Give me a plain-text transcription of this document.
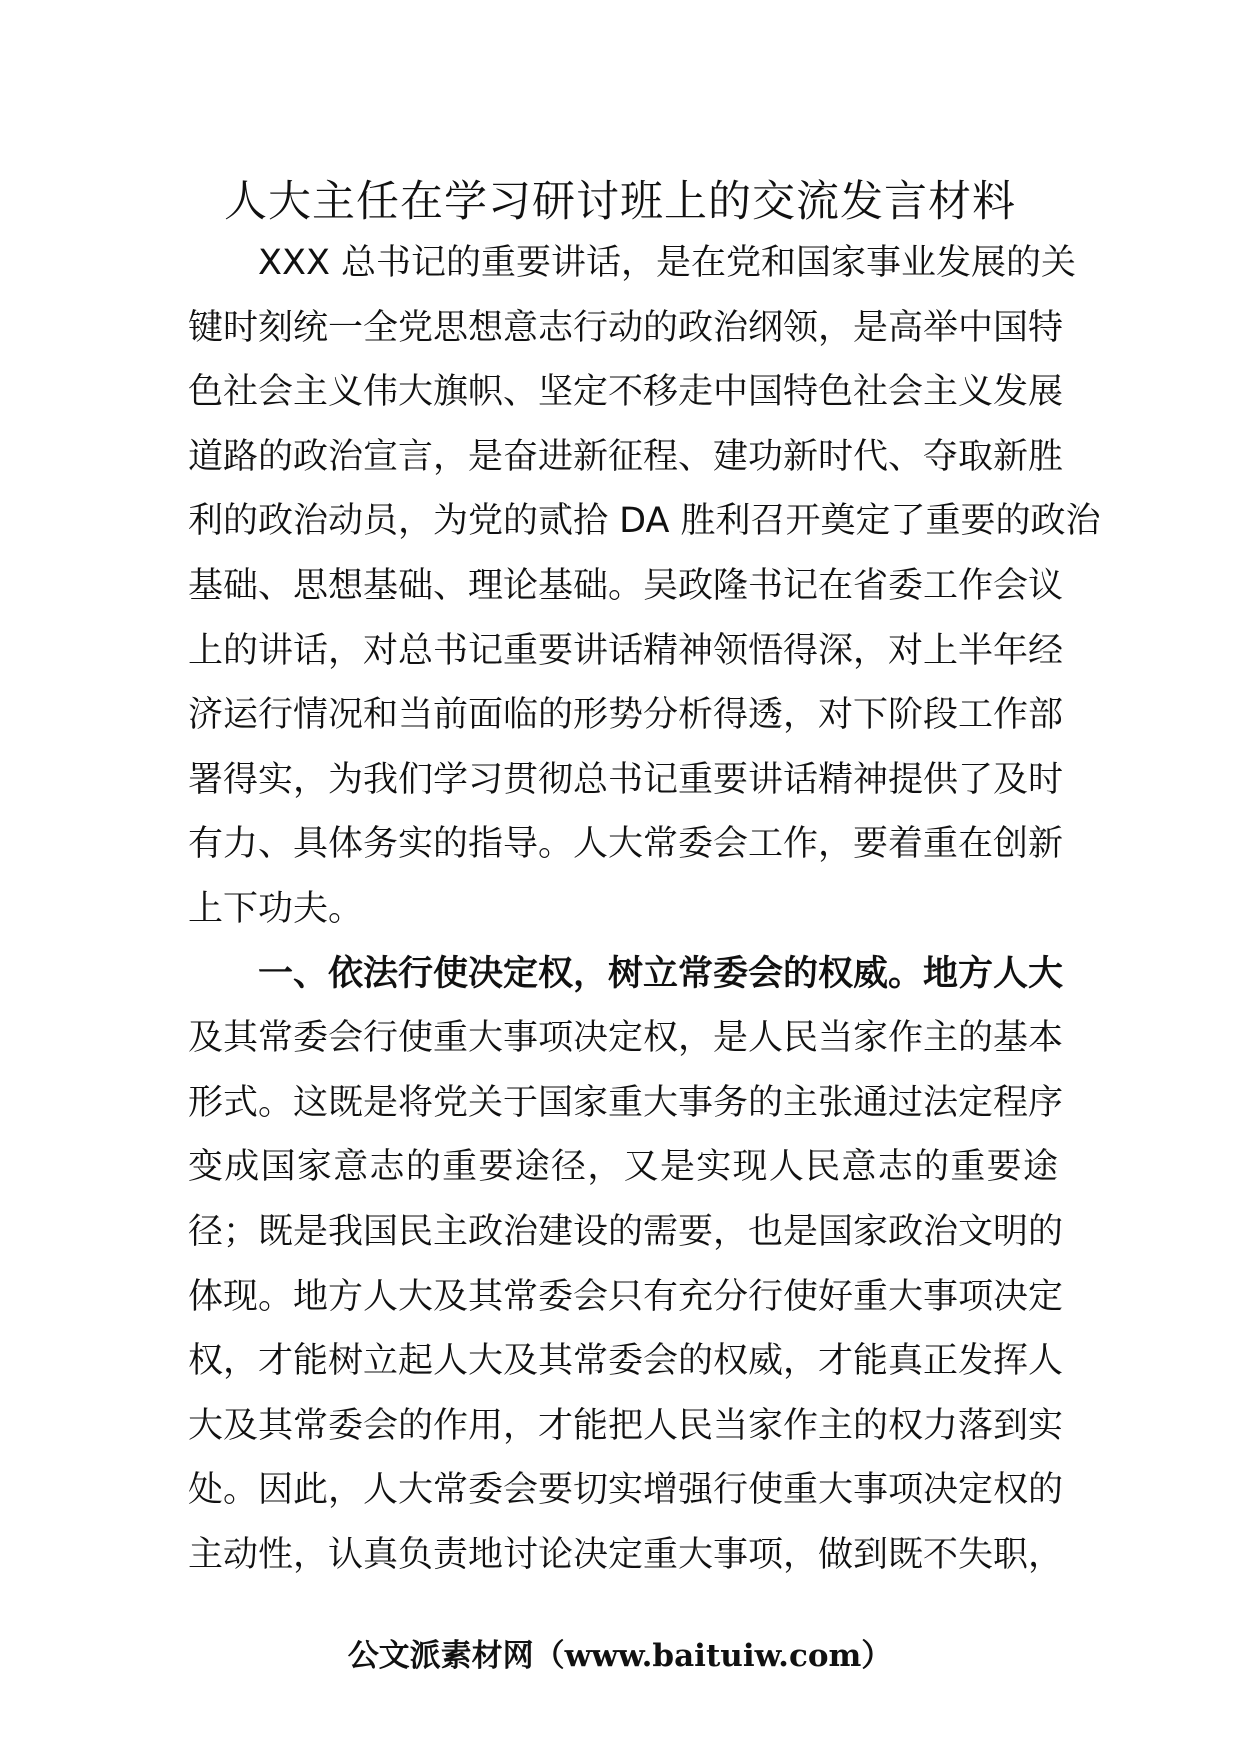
人大主任在学习研讨班上的交流发言材料
XXX 总书记的重要讲话，是在党和国家事业发展的关
键时刻统一全党思想意志行动的政治纲领，是高举中国特
色社会主义伟大旗帜、坚定不移走中国特色社会主义发展
道路的政治宣言，是奋进新征程、建功新时代、夺取新胜
利的政治动员，为党的贰拾 DA 胜利召开奠定了重要的政治
基础、思想基础、理论基础。吴政隆书记在省委工作会议
上的讲话，对总书记重要讲话精神领悟得深，对上半年经
济运行情况和当前面临的形势分析得透，对下阶段工作部
署得实，为我们学习贯彻总书记重要讲话精神提供了及时
有力、具体务实的指导。人大常委会工作，要着重在创新
上下功夫。
一、依法行使决定权，树立常委会的权威。地方人大
及其常委会行使重大事项决定权，是人民当家作主的基本
形式。这既是将党关于国家重大事务的主张通过法定程序
变成国家意志的重要途径，又是实现人民意志的重要途
径；既是我国民主政治建设的需要，也是国家政治文明的
体现。地方人大及其常委会只有充分行使好重大事项决定
权，才能树立起人大及其常委会的权威，才能真正发挥人
大及其常委会的作用，才能把人民当家作主的权力落到实
处。因此，人大常委会要切实增强行使重大事项决定权的
主动性，认真负责地讨论决定重大事项，做到既不失职，
公文派素材网（www.baituiw.com）
